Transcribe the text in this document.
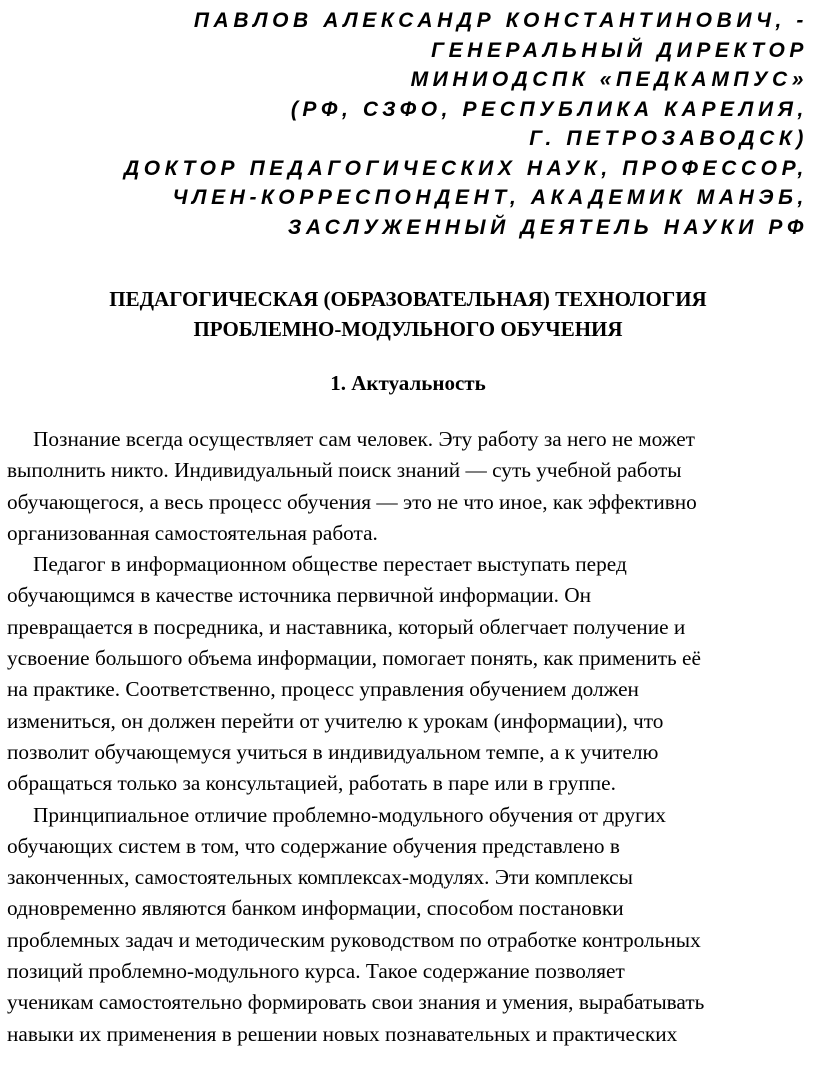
ПАВЛОВ АЛЕКСАНДР КОНСТАНТИНОВИЧ, -
ГЕНЕРАЛЬНЫЙ ДИРЕКТОР
МИНИОДСПК «ПЕДКАМПУС»
(РФ, СЗФО, РЕСПУБЛИКА КАРЕЛИЯ,
Г. ПЕТРОЗАВОДСК)
ДОКТОР ПЕДАГОГИЧЕСКИХ НАУК, ПРОФЕССОР,
ЧЛЕН-КОРРЕСПОНДЕНТ, АКАДЕМИК МАНЭБ,
ЗАСЛУЖЕННЫЙ ДЕЯТЕЛЬ НАУКИ РФ
ПЕДАГОГИЧЕСКАЯ (ОБРАЗОВАТЕЛЬНАЯ) ТЕХНОЛОГИЯ
ПРОБЛЕМНО-МОДУЛЬНОГО ОБУЧЕНИЯ
1. Актуальность
Познание всегда осуществляет сам человек. Эту работу за него не может
выполнить никто. Индивидуальный поиск знаний — суть учебной работы
обучающегося, а весь процесс обучения — это не что иное, как эффективно
организованная самостоятельная работа.
Педагог в информационном обществе перестает выступать перед
обучающимся в качестве источника первичной информации. Он
превращается в посредника, и наставника, который облегчает получение и
усвоение большого объема информации, помогает понять, как применить её
на практике. Соответственно, процесс управления обучением должен
измениться, он должен перейти от учителю к урокам (информации), что
позволит обучающемуся учиться в индивидуальном темпе, а к учителю
обращаться только за консультацией, работать в паре или в группе.
Принципиальное отличие проблемно-модульного обучения от других
обучающих систем в том, что содержание обучения представлено в
законченных, самостоятельных комплексах-модулях. Эти комплексы
одновременно являются банком информации, способом постановки
проблемных задач и методическим руководством по отработке контрольных
позиций проблемно-модульного курса. Такое содержание позволяет
ученикам самостоятельно формировать свои знания и умения, вырабатывать
навыки их применения в решении новых познавательных и практических
